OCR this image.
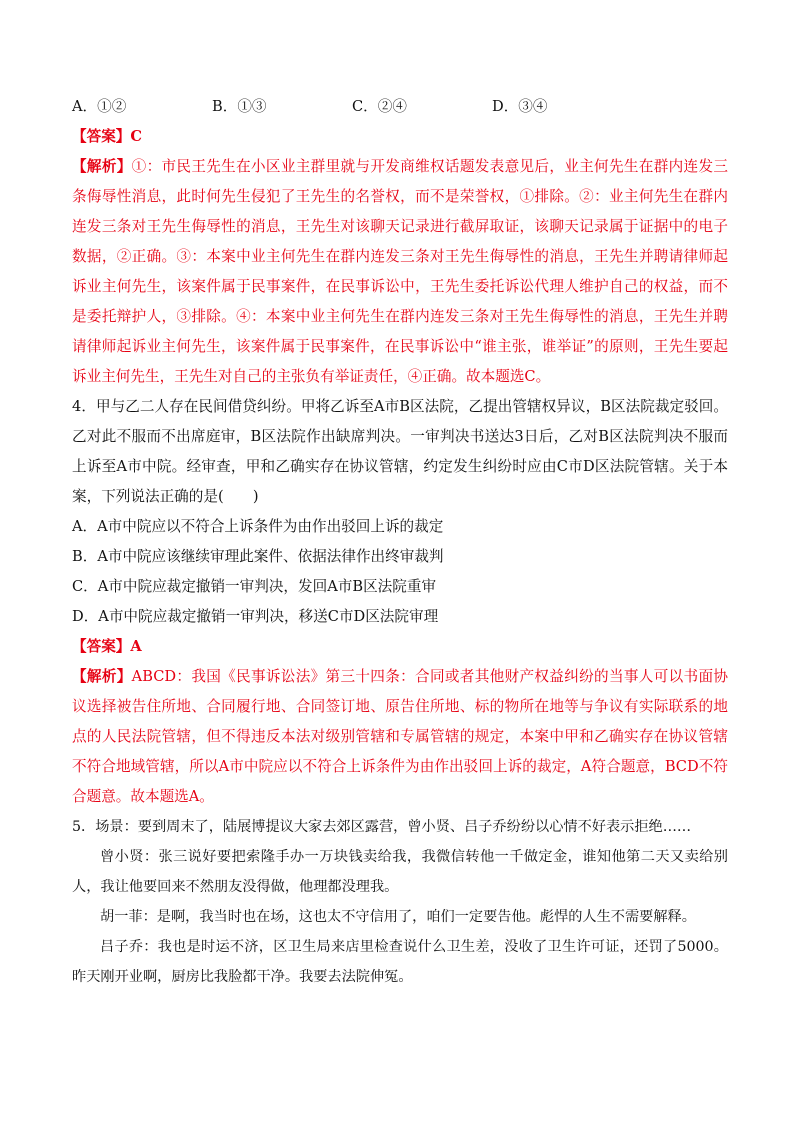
A．①②	B．①③	C．②④	D．③④
【答案】C
【解析】①：市民王先生在小区业主群里就与开发商维权话题发表意见后，业主何先生在群内连发三条侮辱性消息，此时何先生侵犯了王先生的名誉权，而不是荣誉权，①排除。②：业主何先生在群内连发三条对王先生侮辱性的消息，王先生对该聊天记录进行截屏取证，该聊天记录属于证据中的电子数据，②正确。③：本案中业主何先生在群内连发三条对王先生侮辱性的消息，王先生并聘请律师起诉业主何先生，该案件属于民事案件，在民事诉讼中，王先生委托诉讼代理人维护自己的权益，而不是委托辩护人，③排除。④：本案中业主何先生在群内连发三条对王先生侮辱性的消息，王先生并聘请律师起诉业主何先生，该案件属于民事案件，在民事诉讼中“谁主张，谁举证”的原则，王先生要起诉业主何先生，王先生对自己的主张负有举证责任，④正确。故本题选C。
4．甲与乙二人存在民间借贷纠纷。甲将乙诉至A市B区法院，乙提出管辖权异议，B区法院裁定驳回。乙对此不服而不出席庭审，B区法院作出缺席判决。一审判决书送达3日后，乙对B区法院判决不服而上诉至A市中院。经审查，甲和乙确实存在协议管辖，约定发生纠纷时应由C市D区法院管辖。关于本案，下列说法正确的是(　　)
A．A市中院应以不符合上诉条件为由作出驳回上诉的裁定
B．A市中院应该继续审理此案件、依据法律作出终审裁判
C．A市中院应裁定撤销一审判决，发回A市B区法院重审
D．A市中院应裁定撤销一审判决，移送C市D区法院审理
【答案】A
【解析】ABCD：我国《民事诉讼法》第三十四条：合同或者其他财产权益纠纷的当事人可以书面协议选择被告住所地、合同履行地、合同签订地、原告住所地、标的物所在地等与争议有实际联系的地点的人民法院管辖，但不得违反本法对级别管辖和专属管辖的规定，本案中甲和乙确实存在协议管辖不符合地域管辖，所以A市中院应以不符合上诉条件为由作出驳回上诉的裁定，A符合题意，BCD不符合题意。故本题选A。
5．场景：要到周末了，陆展博提议大家去郊区露营，曾小贤、吕子乔纷纷以心情不好表示拒绝……
曾小贤：张三说好要把索隆手办一万块钱卖给我，我微信转他一千做定金，谁知他第二天又卖给别人，我让他要回来不然朋友没得做，他理都没理我。
胡一菲：是啊，我当时也在场，这也太不守信用了，咱们一定要告他。彪悍的人生不需要解释。
吕子乔：我也是时运不济，区卫生局来店里检查说什么卫生差，没收了卫生许可证，还罚了5000。昨天刚开业啊，厨房比我脸都干净。我要去法院伸冤。
